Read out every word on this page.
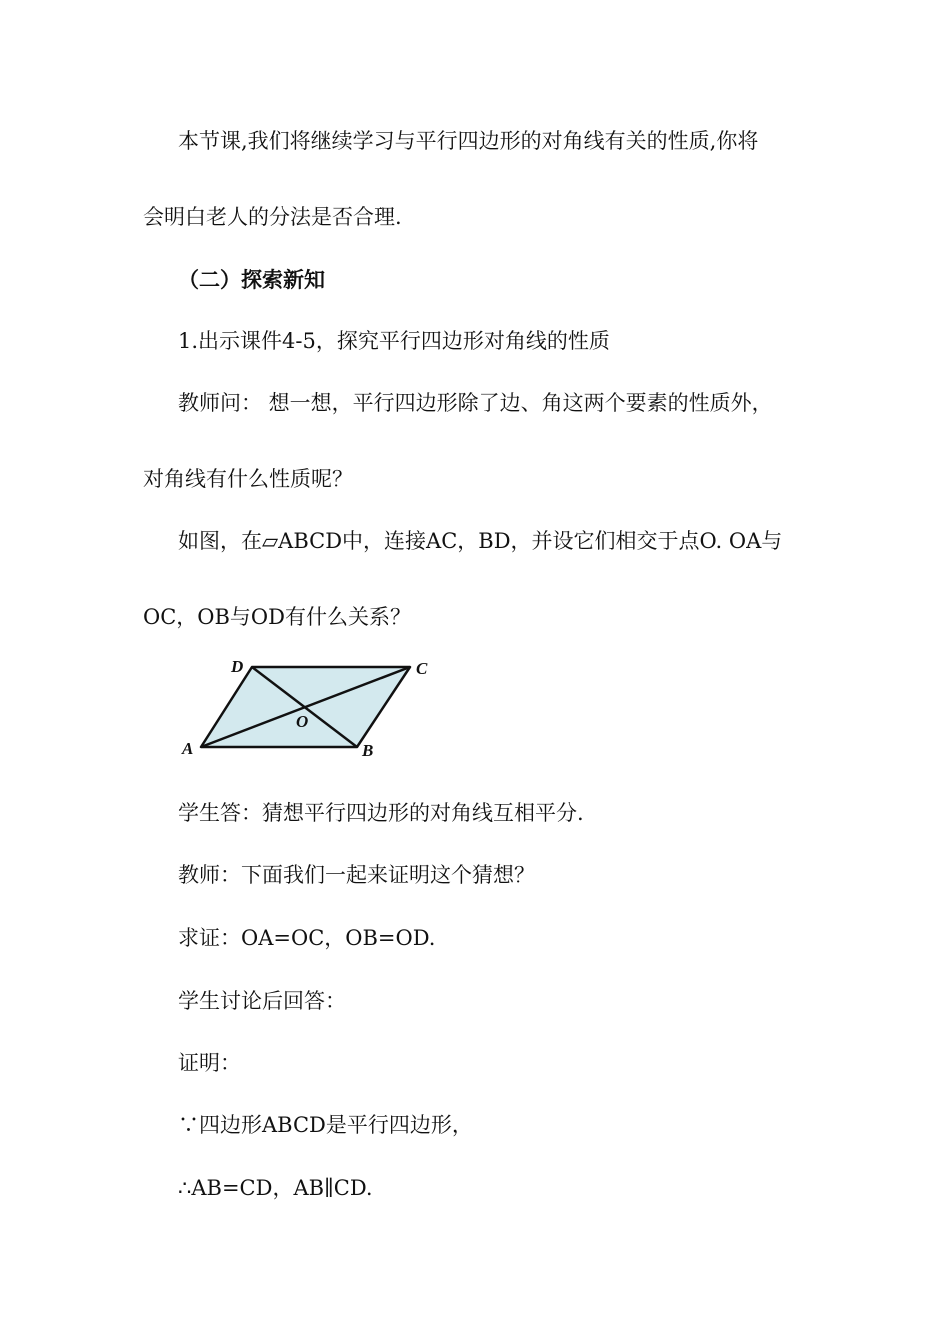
本节课,我们将继续学习与平行四边形的对角线有关的性质,你将
会明白老人的分法是否合理.
（二）探索新知
1.出示课件4-5，探究平行四边形对角线的性质
教师问： 想一想，平行四边形除了边、角这两个要素的性质外，
对角线有什么性质呢？
如图，在▱ABCD中，连接AC，BD，并设它们相交于点O. OA与
OC，OB与OD有什么关系？
A	B
C
D
O
学生答：猜想平行四边形的对角线互相平分.
教师：下面我们一起来证明这个猜想？
求证：OA=OC，OB=OD.
学生讨论后回答：
证明：
∵四边形ABCD是平行四边形，
∴AB=CD，AB∥CD.
